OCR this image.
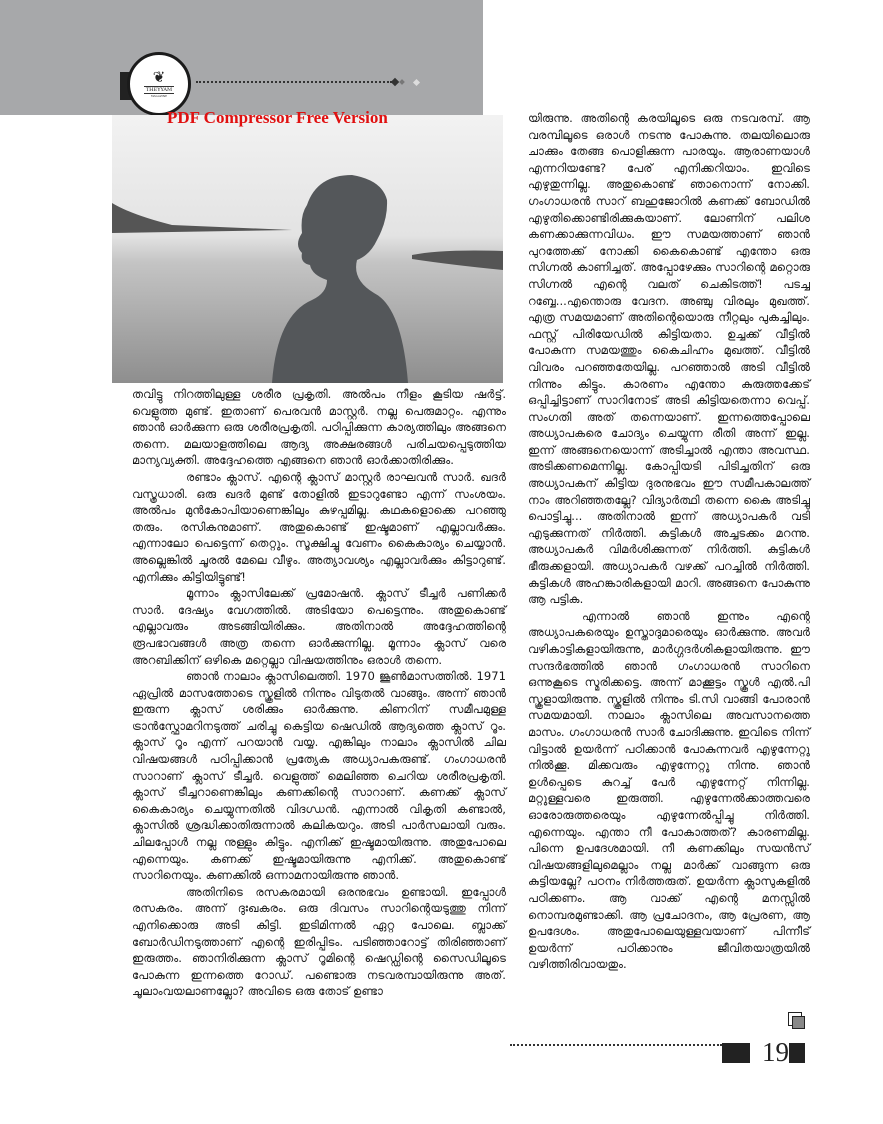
❦
THEYYAM
MAGAZINE
PDF Compressor Free Version

തവിട്ടു നിറത്തിലുള്ള ശരീര പ്രകൃതി. അൽപം നീളം കൂടിയ ഷർട്ട്. വെളുത്ത മുണ്ട്. ഇതാണ് പെരവൻ മാസ്റ്റർ. നല്ല പെരുമാറ്റം. എന്നും ഞാൻ ഓർക്കുന്ന ഒരു ശരീരപ്രകൃതി. പഠിപ്പിക്കുന്ന കാര്യത്തിലും അങ്ങനെ തന്നെ. മലയാളത്തിലെ ആദ്യ അക്ഷരങ്ങൾ പരിചയപ്പെടുത്തിയ മാന്യവ്യക്തി. അദ്ദേഹത്തെ എങ്ങനെ ഞാൻ ഓർക്കാതിരിക്കും.

രണ്ടാം ക്ലാസ്. എന്റെ ക്ലാസ് മാസ്റ്റർ രാഘവൻ സാർ. ഖദർ വസ്ത്രധാരി. ഒരു ഖദർ മുണ്ട് തോളിൽ ഇടാറുണ്ടോ എന്ന് സംശയം. അൽപം മുൻകോപിയാണെങ്കിലും കുഴപ്പമില്ല. കഥകളൊക്കെ പറഞ്ഞു തരും. രസികനുമാണ്. അതുകൊണ്ട് ഇഷ്ടമാണ് എല്ലാവർക്കും. എന്നാലോ പെട്ടെന്ന് തെറ്റും. സൂക്ഷിച്ചു വേണം കൈകാര്യം ചെയ്യാൻ. അല്ലെങ്കിൽ ചൂരൽ മേലെ വീഴും. അത്യാവശ്യം എല്ലാവർക്കും കിട്ടാറുണ്ട്. എനിക്കും കിട്ടിയിട്ടുണ്ട്!

മൂന്നാം ക്ലാസിലേക്ക് പ്രമോഷൻ. ക്ലാസ് ടീച്ചർ പണിക്കർ സാർ. ദേഷ്യം വേഗത്തിൽ. അടിയോ പെട്ടെന്നും. അതുകൊണ്ട് എല്ലാവരും അടങ്ങിയിരിക്കും. അതിനാൽ അദ്ദേഹത്തിന്റെ രൂപഭാവങ്ങൾ അത്ര തന്നെ ഓർക്കുന്നില്ല. മൂന്നാം ക്ലാസ് വരെ അറബിക്കിന് ഒഴികെ മറ്റെല്ലാ വിഷയത്തിനും ഒരാൾ തന്നെ.

ഞാൻ നാലാം ക്ലാസിലെത്തി. 1970 ജൂൺമാസത്തിൽ. 1971 ഏപ്രിൽ മാസത്തോടെ സ്കൂളിൽ നിന്നും വിടുതൽ വാങ്ങും. അന്ന് ഞാൻ ഇരുന്ന ക്ലാസ് ശരിക്കും ഓർക്കുന്നു. കിണറിന് സമീപമുള്ള ട്രാൻസ്ഫോമറിനടുത്ത് ചരിച്ചു കെട്ടിയ ഷെഡിൽ ആദ്യത്തെ ക്ലാസ് റൂം. ക്ലാസ് റൂം എന്ന് പറയാൻ വയ്യ. എങ്കിലും നാലാം ക്ലാസിൽ ചില വിഷയങ്ങൾ പഠിപ്പിക്കാൻ പ്രത്യേക അധ്യാപകരുണ്ട്. ഗംഗാധരൻ സാറാണ് ക്ലാസ് ടീച്ചർ. വെളുത്ത് മെലിഞ്ഞ ചെറിയ ശരീരപ്രകൃതി. ക്ലാസ് ടീച്ചറാണെങ്കിലും കണക്കിന്റെ സാറാണ്. കണക്ക് ക്ലാസ് കൈകാര്യം ചെയ്യുന്നതിൽ വിദഗ്ധൻ. എന്നാൽ വികൃതി കണ്ടാൽ, ക്ലാസിൽ ശ്രദ്ധിക്കാതിരുന്നാൽ കലികയറും. അടി പാർസലായി വരും. ചിലപ്പോൾ നല്ല നുള്ളും കിട്ടും. എനിക്ക് ഇഷ്ടമായിരുന്നു. അതുപോലെ എന്നെയും. കണക്ക് ഇഷ്ടമായിരുന്നു എനിക്ക്. അതുകൊണ്ട് സാറിനെയും. കണക്കിൽ ഒന്നാമനായിരുന്നു ഞാൻ.

അതിനിടെ രസകരമായി ഒരനുഭവം ഉണ്ടായി. ഇപ്പോൾ രസകരം. അന്ന് ദുഃഖകരം. ഒരു ദിവസം സാറിന്റെയടുത്തു നിന്ന് എനിക്കൊരു അടി കിട്ടി. ഇടിമിന്നൽ ഏറ്റ പോലെ. ബ്ലാക്ക് ബോർഡിനടുത്താണ് എന്റെ ഇരിപ്പിടം. പടിഞ്ഞാറോട്ട് തിരിഞ്ഞാണ് ഇരുത്തം. ഞാനിരിക്കുന്ന ക്ലാസ് റൂമിന്റെ ഷെഡ്ഡിന്റെ സൈഡിലൂടെ പോകുന്ന ഇന്നത്തെ റോഡ്. പണ്ടൊരു നടവരമ്പായിരുന്നു അത്. ചൂലാംവയലാണല്ലോ? അവിടെ ഒരു തോട് ഉണ്ടാ

യിരുന്നു. അതിന്റെ കരയിലൂടെ ഒരു നടവരമ്പ്. ആ വരമ്പിലൂടെ ഒരാൾ നടന്നു പോകുന്നു. തലയിലൊരു ചാക്കും തേങ്ങ പൊളിക്കുന്ന പാരയും. ആരാണയാൾ എന്നറിയണ്ടേ? പേര് എനിക്കറിയാം. ഇവിടെ എഴുതുന്നില്ല. അതുകൊണ്ട് ഞാനൊന്ന് നോക്കി. ഗംഗാധരൻ സാറ് ബഹുജോറിൽ കണക്ക് ബോഡിൽ എഴുതിക്കൊണ്ടിരിക്കുകയാണ്. ലോണിന് പലിശ കണക്കാക്കുന്നവിധം. ഈ സമയത്താണ് ഞാൻ പുറത്തേക്ക് നോക്കി കൈകൊണ്ട് എന്തോ ഒരു സിഗ്നൽ കാണിച്ചത്. അപ്പോഴേക്കും സാറിന്റെ മറ്റൊരു സിഗ്നൽ എന്റെ വലത് ചെകിടത്ത്! പടച്ച റബ്ബേ...എന്തൊരു വേദന. അഞ്ചു വിരലും മുഖത്ത്. എത്ര സമയമാണ് അതിന്റെയൊരു നീറ്റലും പുകച്ചിലും. ഫസ്റ്റ് പിരിയേഡിൽ കിട്ടിയതാ. ഉച്ചക്ക് വീട്ടിൽ പോകുന്ന സമയത്തും കൈചിഹ്നം മുഖത്ത്. വീട്ടിൽ വിവരം പറഞ്ഞതേയില്ല. പറഞ്ഞാൽ അടി വീട്ടിൽ നിന്നും കിട്ടും. കാരണം എന്തോ കുരുത്തക്കേട് ഒപ്പിച്ചിട്ടാണ് സാറിനോട് അടി കിട്ടിയതെന്നാ വെപ്പ്. സംഗതി അത് തന്നെയാണ്. ഇന്നത്തെപ്പോലെ അധ്യാപകരെ ചോദ്യം ചെയ്യുന്ന രീതി അന്ന് ഇല്ല. ഇന്ന് അങ്ങനെയൊന്ന് അടിച്ചാൽ എന്താ അവസ്ഥ. അടിക്കണമെന്നില്ല. കോപ്പിയടി പിടിച്ചതിന് ഒരു അധ്യാപകന് കിട്ടിയ ദുരനുഭവം ഈ സമീപകാലത്ത് നാം അറിഞ്ഞതല്ലേ? വിദ്യാർത്ഥി തന്നെ കൈ അടിച്ചു പൊട്ടിച്ചു... അതിനാൽ ഇന്ന് അധ്യാപകർ വടി എടുക്കുന്നത് നിർത്തി. കുട്ടികൾ അച്ചടക്കം മറന്നു. അധ്യാപകർ വിമർശിക്കുന്നത് നിർത്തി. കുട്ടികൾ ഭീരുക്കളായി. അധ്യാപകർ വഴക്ക് പറച്ചിൽ നിർത്തി. കുട്ടികൾ അഹങ്കാരികളായി മാറി. അങ്ങനെ പോകുന്നു ആ പട്ടിക.

എന്നാൽ ഞാൻ ഇന്നും എന്റെ അധ്യാപകരെയും ഉസ്താദുമാരെയും ഓർക്കുന്നു. അവർ വഴികാട്ടികളായിരുന്നു, മാർഗ്ഗദർശികളായിരുന്നു. ഈ സന്ദർഭത്തിൽ ഞാൻ ഗംഗാധരൻ സാറിനെ ഒന്നുകൂടെ സ്മരിക്കട്ടെ. അന്ന് മാക്കൂട്ടം സ്കൂൾ എൽ.പി സ്കൂളായിരുന്നു. സ്കൂളിൽ നിന്നും ടി.സി വാങ്ങി പോരാൻ സമയമായി. നാലാം ക്ലാസിലെ അവസാനത്തെ മാസം. ഗംഗാധരൻ സാർ ചോദിക്കുന്നു. ഇവിടെ നിന്ന് വിട്ടാൽ ഉയർന്ന് പഠിക്കാൻ പോകുന്നവർ എഴുന്നേറ്റു നിൽക്കൂ. മിക്കവരും എഴുന്നേറ്റു നിന്നു. ഞാൻ ഉൾപ്പെടെ കുറച്ച് പേർ എഴുന്നേറ്റ് നിന്നില്ല. മറ്റുള്ളവരെ ഇരുത്തി. എഴുന്നേൽക്കാത്തവരെ ഓരോരുത്തരെയും എഴുന്നേൽപ്പിച്ചു നിർത്തി. എന്നെയും. എന്താ നീ പോകാത്തത്? കാരണമില്ല. പിന്നെ ഉപദേശമായി. നീ കണക്കിലും സയൻസ് വിഷയങ്ങളിലുമെല്ലാം നല്ല മാർക്ക് വാങ്ങുന്ന ഒരു കുട്ടിയല്ലേ? പഠനം നിർത്തരുത്. ഉയർന്ന ക്ലാസുകളിൽ പഠിക്കണം. ആ വാക്ക് എന്റെ മനസ്സിൽ നൊമ്പരമുണ്ടാക്കി. ആ പ്രചോദനം, ആ പ്രേരണ, ആ ഉപദേശം. അതുപോലെയുള്ളവയാണ് പിന്നീട് ഉയർന്ന് പഠിക്കാനും ജീവിതയാത്രയിൽ വഴിത്തിരിവായതും.

19
